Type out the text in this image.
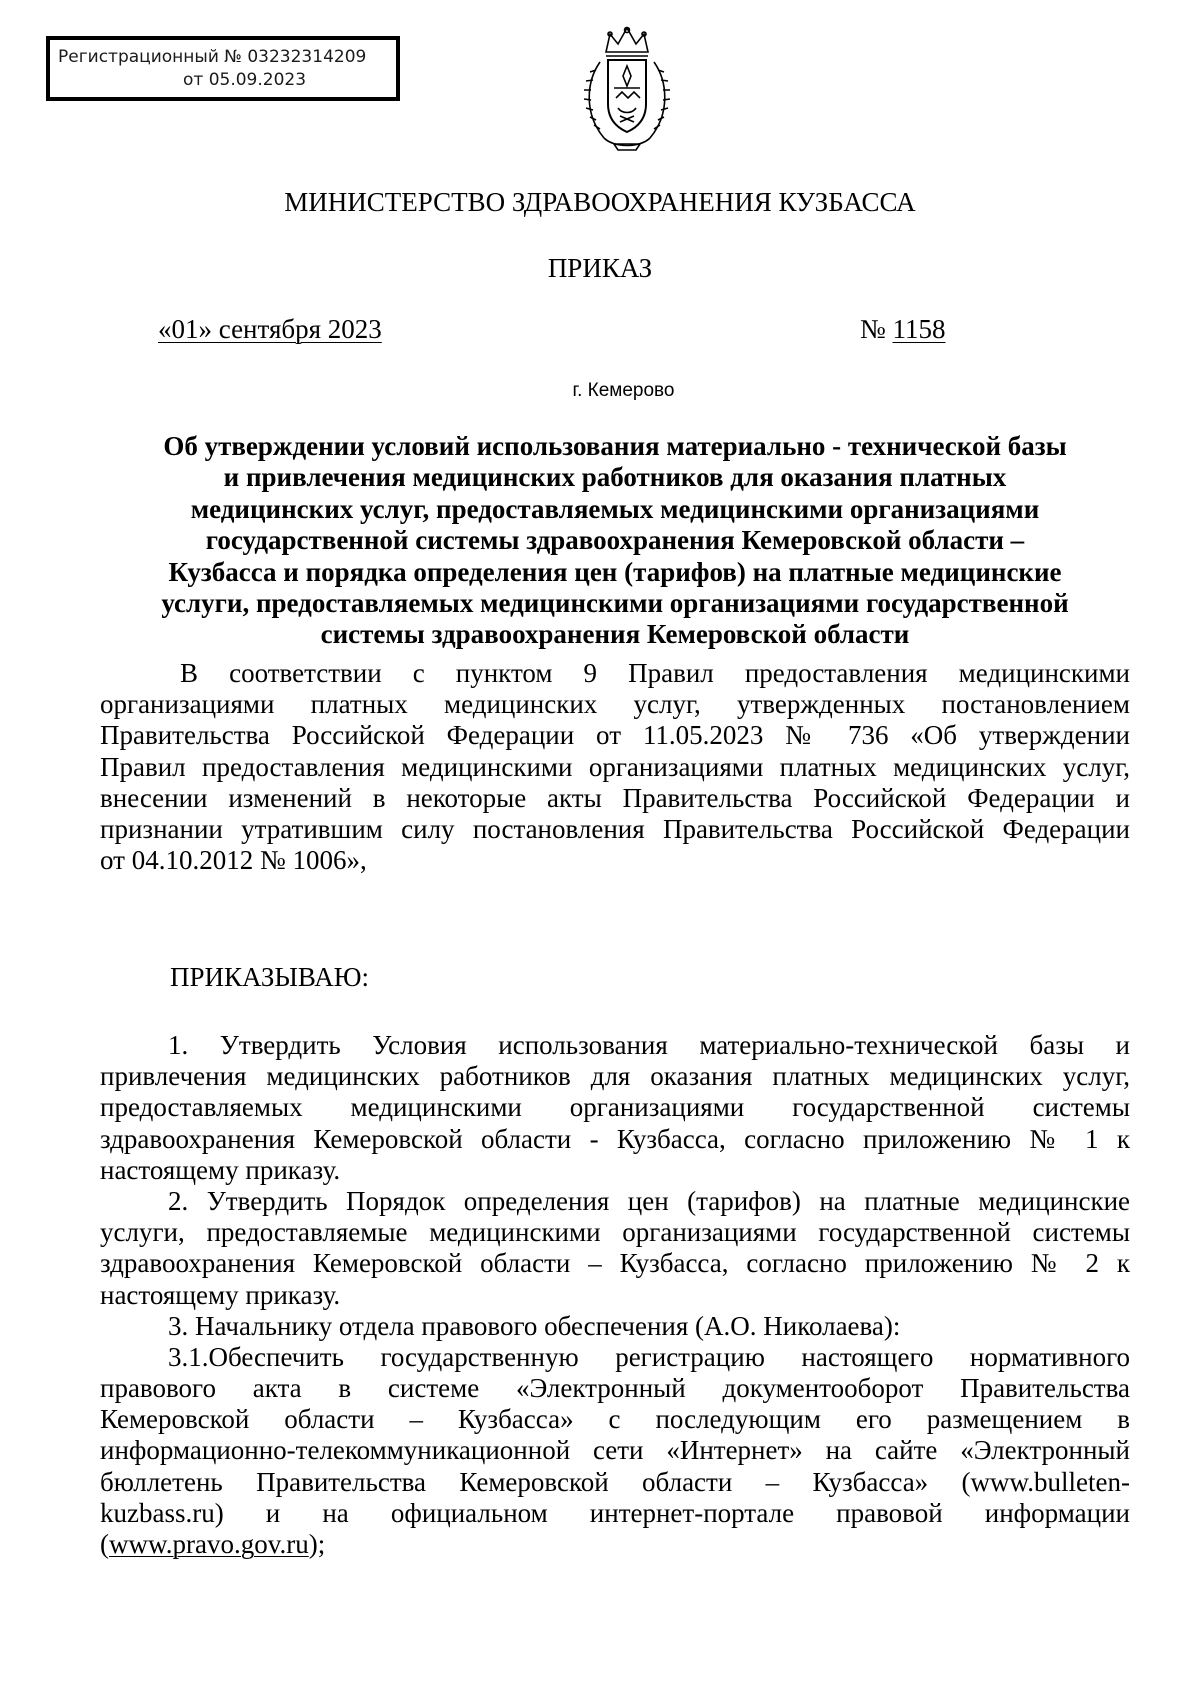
Регистрационный № 03232314209
от 05.09.2023
МИНИСТЕРСТВО ЗДРАВООХРАНЕНИЯ КУЗБАССА
ПРИКАЗ
«01» сентября 2023	№ 1158
г. Кемерово
Об утверждении условий использования материально - технической базы
и привлечения медицинских работников для оказания платных
медицинских услуг, предоставляемых медицинскими организациями
государственной системы здравоохранения Кемеровской области –
Кузбасса и порядка определения цен (тарифов) на платные медицинские
услуги, предоставляемых медицинскими организациями государственной
системы здравоохранения Кемеровской области
В соответствии с пунктом 9 Правил предоставления медицинскими
организациями платных медицинских услуг, утвержденных постановлением
Правительства Российской Федерации от 11.05.2023 № 736 «Об утверждении
Правил предоставления медицинскими организациями платных медицинских услуг,
внесении изменений в некоторые акты Правительства Российской Федерации и
признании утратившим силу постановления Правительства Российской Федерации
от 04.10.2012 № 1006»,
ПРИКАЗЫВАЮ:
1. Утвердить Условия использования материально-технической базы и
привлечения медицинских работников для оказания платных медицинских услуг,
предоставляемых медицинскими организациями государственной системы
здравоохранения Кемеровской области - Кузбасса, согласно приложению № 1 к
настоящему приказу.
2. Утвердить Порядок определения цен (тарифов) на платные медицинские
услуги, предоставляемые медицинскими организациями государственной системы
здравоохранения Кемеровской области – Кузбасса, согласно приложению № 2 к
настоящему приказу.
3. Начальнику отдела правового обеспечения (А.О. Николаева):
3.1.Обеспечить государственную регистрацию настоящего нормативного
правового акта в системе «Электронный документооборот Правительства
Кемеровской области – Кузбасса» с последующим его размещением в
информационно-телекоммуникационной сети «Интернет» на сайте «Электронный
бюллетень Правительства Кемеровской области – Кузбасса» (www.bulleten-
kuzbass.ru) и на официальном интернет-портале правовой информации
(www.pravo.gov.ru);
